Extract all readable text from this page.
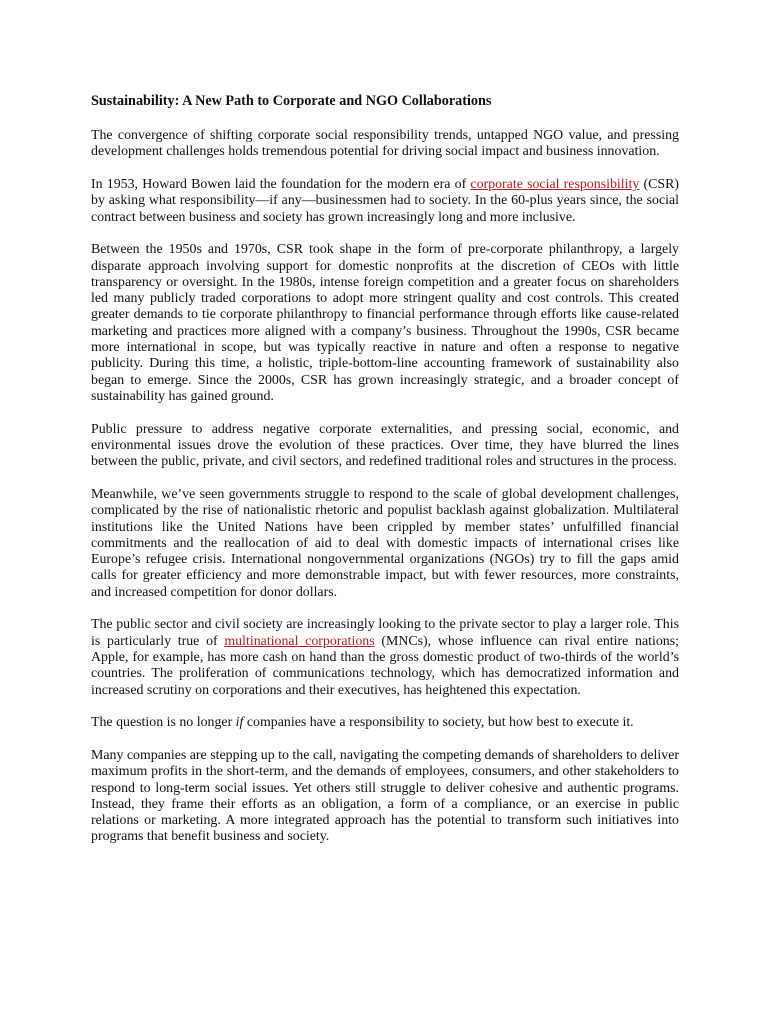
Sustainability: A New Path to Corporate and NGO Collaborations

The convergence of shifting corporate social responsibility trends, untapped NGO value, and pressing development challenges holds tremendous potential for driving social impact and business innovation.

In 1953, Howard Bowen laid the foundation for the modern era of corporate social responsibility (CSR) by asking what responsibility—if any—businessmen had to society. In the 60-plus years since, the social contract between business and society has grown increasingly long and more inclusive.

Between the 1950s and 1970s, CSR took shape in the form of pre-corporate philanthropy, a largely disparate approach involving support for domestic nonprofits at the discretion of CEOs with little transparency or oversight. In the 1980s, intense foreign competition and a greater focus on shareholders led many publicly traded corporations to adopt more stringent quality and cost controls. This created greater demands to tie corporate philanthropy to financial performance through efforts like cause-related marketing and practices more aligned with a company’s business. Throughout the 1990s, CSR became more international in scope, but was typically reactive in nature and often a response to negative publicity. During this time, a holistic, triple-bottom-line accounting framework of sustainability also began to emerge. Since the 2000s, CSR has grown increasingly strategic, and a broader concept of sustainability has gained ground.

Public pressure to address negative corporate externalities, and pressing social, economic, and environmental issues drove the evolution of these practices. Over time, they have blurred the lines between the public, private, and civil sectors, and redefined traditional roles and structures in the process.

Meanwhile, we’ve seen governments struggle to respond to the scale of global development challenges, complicated by the rise of nationalistic rhetoric and populist backlash against globalization. Multilateral institutions like the United Nations have been crippled by member states’ unfulfilled financial commitments and the reallocation of aid to deal with domestic impacts of international crises like Europe’s refugee crisis. International nongovernmental organizations (NGOs) try to fill the gaps amid calls for greater efficiency and more demonstrable impact, but with fewer resources, more constraints, and increased competition for donor dollars.

The public sector and civil society are increasingly looking to the private sector to play a larger role. This is particularly true of multinational corporations (MNCs), whose influence can rival entire nations; Apple, for example, has more cash on hand than the gross domestic product of two-thirds of the world’s countries. The proliferation of communications technology, which has democratized information and increased scrutiny on corporations and their executives, has heightened this expectation.

The question is no longer if companies have a responsibility to society, but how best to execute it.

Many companies are stepping up to the call, navigating the competing demands of shareholders to deliver maximum profits in the short-term, and the demands of employees, consumers, and other stakeholders to respond to long-term social issues. Yet others still struggle to deliver cohesive and authentic programs. Instead, they frame their efforts as an obligation, a form of a compliance, or an exercise in public relations or marketing. A more integrated approach has the potential to transform such initiatives into programs that benefit business and society.
